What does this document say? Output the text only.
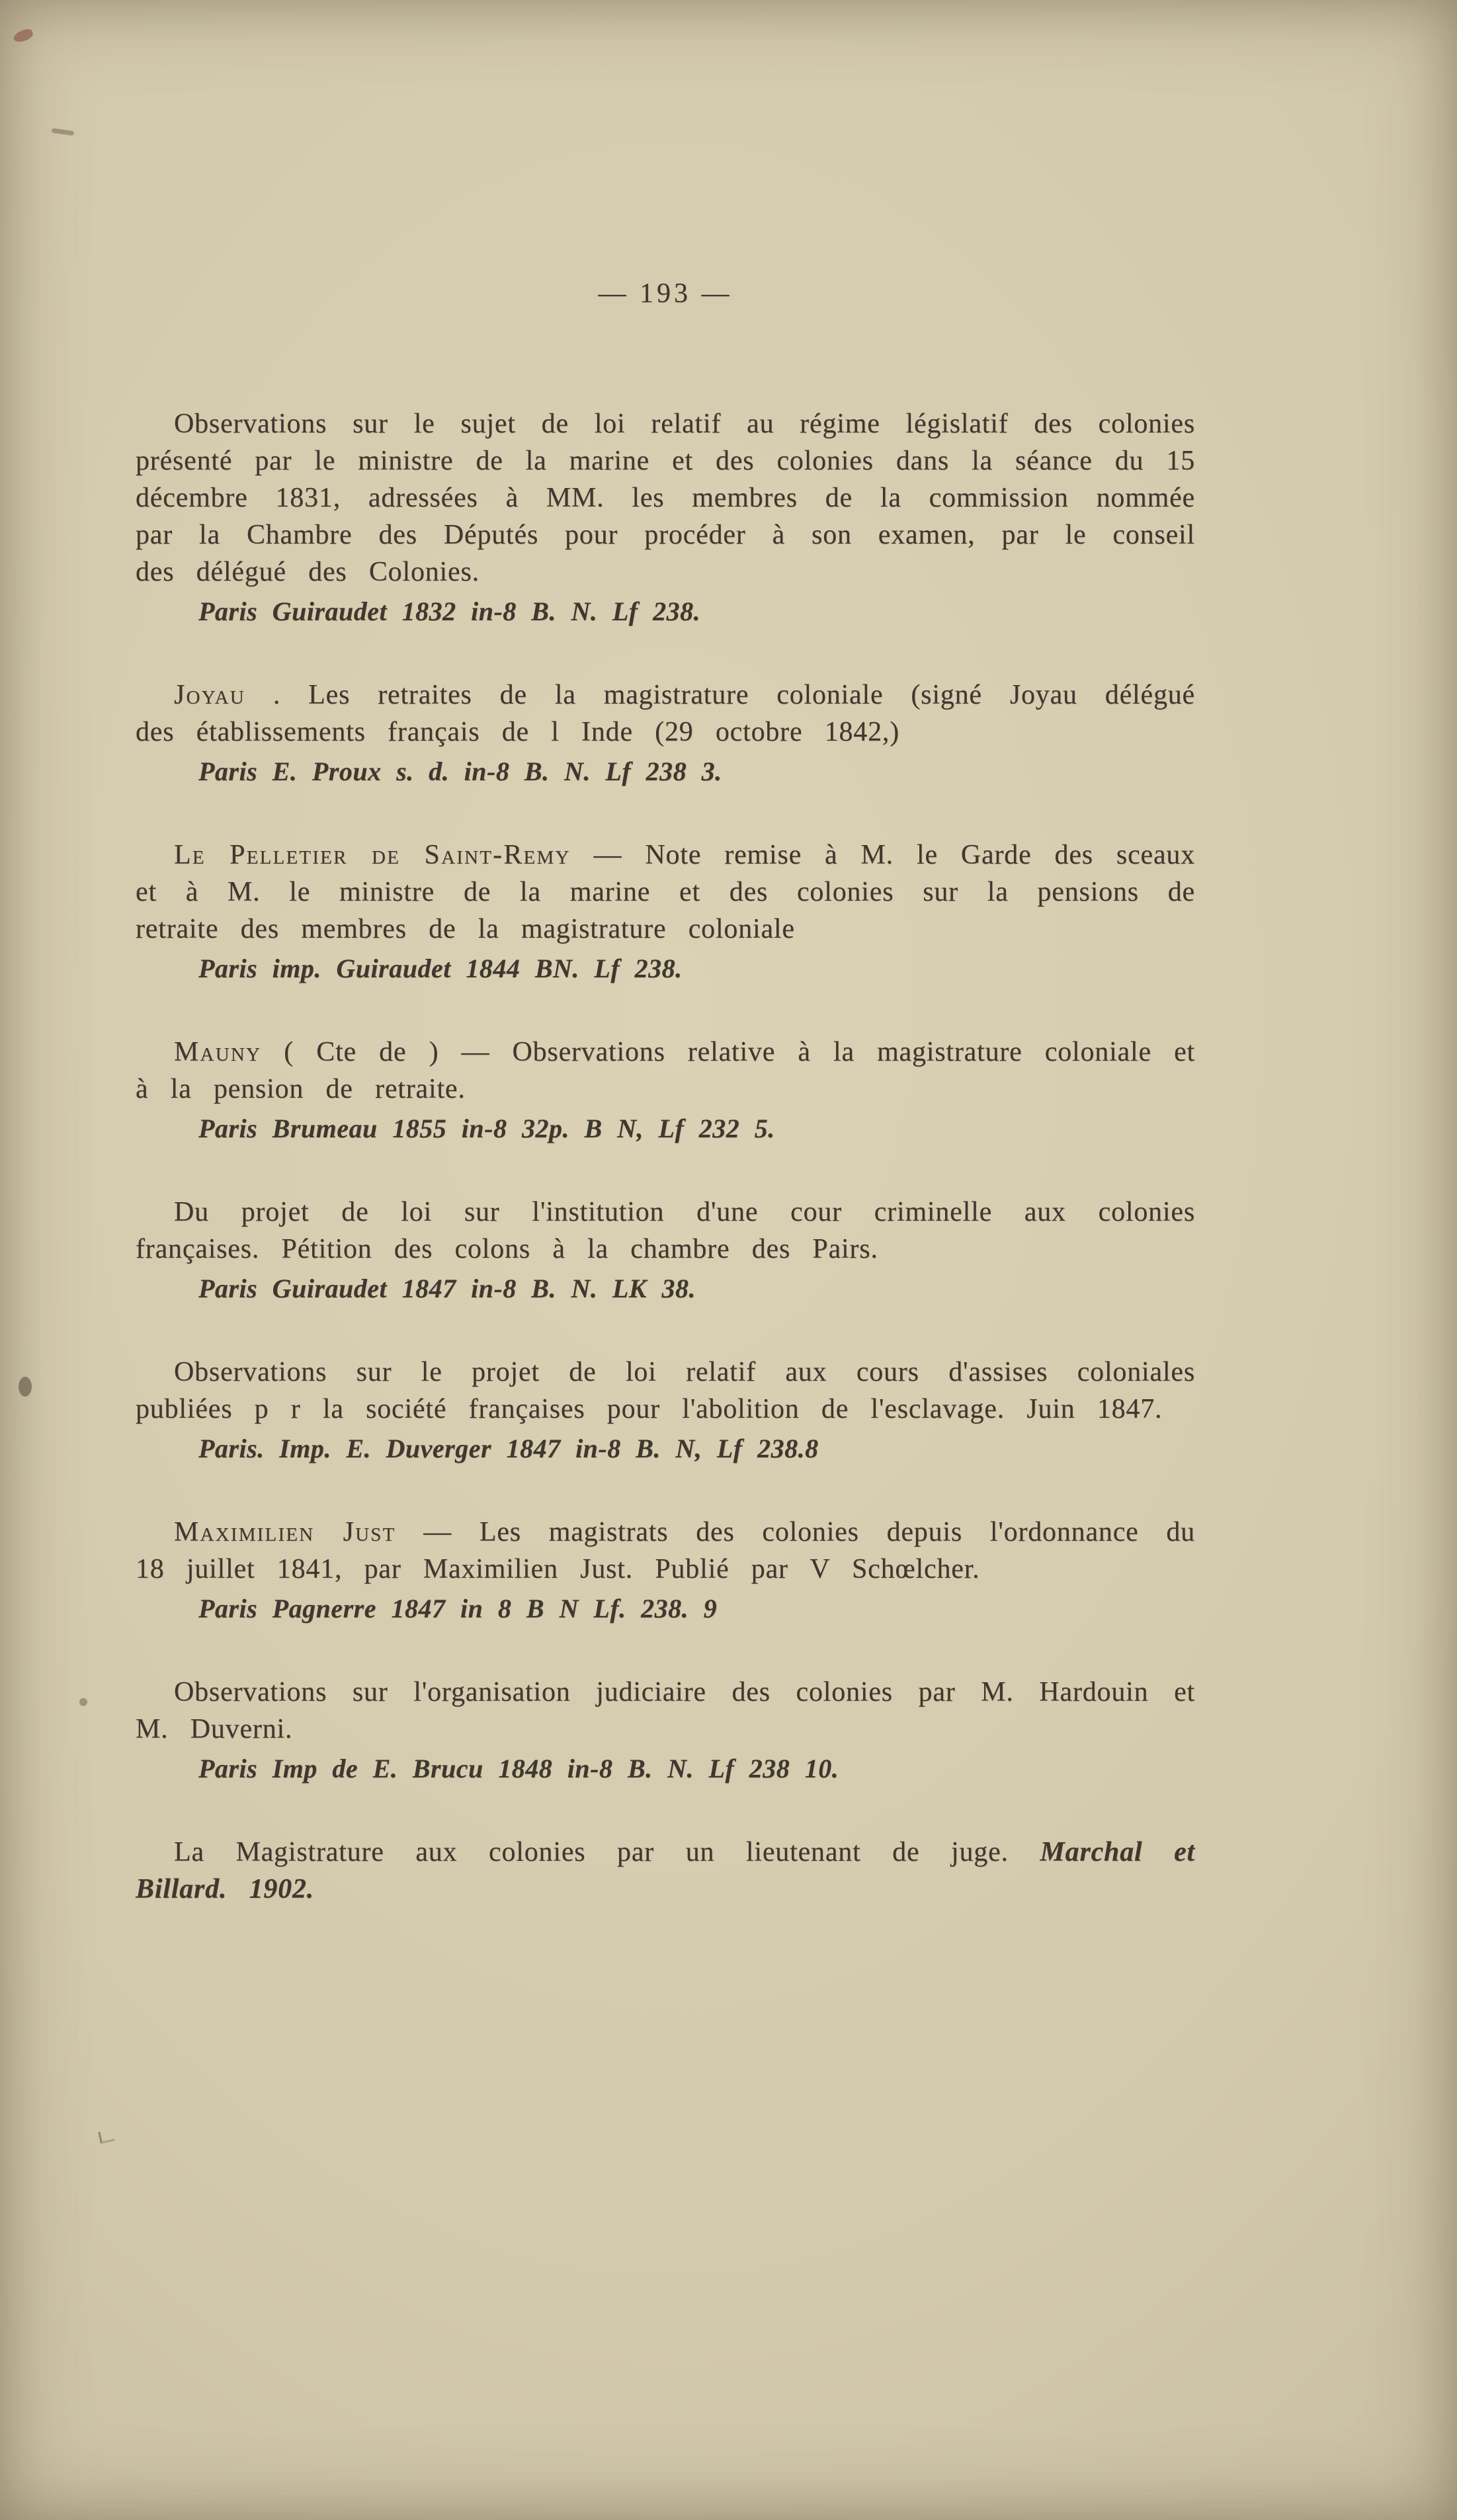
— 193 —

Observations sur le sujet de loi relatif au régime législatif des colonies présenté par le ministre de la marine et des colonies dans la séance du 15 décembre 1831, adressées à MM. les membres de la commission nommée par la Chambre des Députés pour procéder à son examen, par le conseil des délégué des Colonies.

Paris Guiraudet 1832 in-8 B. N. Lf 238.

Joyau . Les retraites de la magistrature coloniale (signé Joyau délégué des établissements français de l Inde (29 octobre 1842,)

Paris E. Proux s. d. in-8 B. N. Lf 238 3.

Le Pelletier de Saint-Remy — Note remise à M. le Garde des sceaux et à M. le ministre de la marine et des colonies sur la pensions de retraite des membres de la magistrature coloniale

Paris imp. Guiraudet 1844 BN. Lf 238.

Mauny ( Cte de ) — Observations relative à la magistrature coloniale et à la pension de retraite.

Paris Brumeau 1855 in-8 32p. B N, Lf 232 5.

Du projet de loi sur l'institution d'une cour criminelle aux colonies françaises. Pétition des colons à la chambre des Pairs.

Paris Guiraudet 1847 in-8 B. N. LK 38.

Observations sur le projet de loi relatif aux cours d'assises coloniales publiées p r la société françaises pour l'abolition de l'esclavage. Juin 1847.

Paris. Imp. E. Duverger 1847 in-8 B. N, Lf 238.8

Maximilien Just — Les magistrats des colonies depuis l'ordonnance du 18 juillet 1841, par Maximilien Just. Publié par V Schœlcher.

Paris Pagnerre 1847 in 8 B N Lf. 238. 9

Observations sur l'organisation judiciaire des colonies par M. Hardouin et M. Duverni.

Paris Imp de E. Brucu 1848 in-8 B. N. Lf 238 10.

La Magistrature aux colonies par un lieutenant de juge. Marchal et Billard. 1902.
